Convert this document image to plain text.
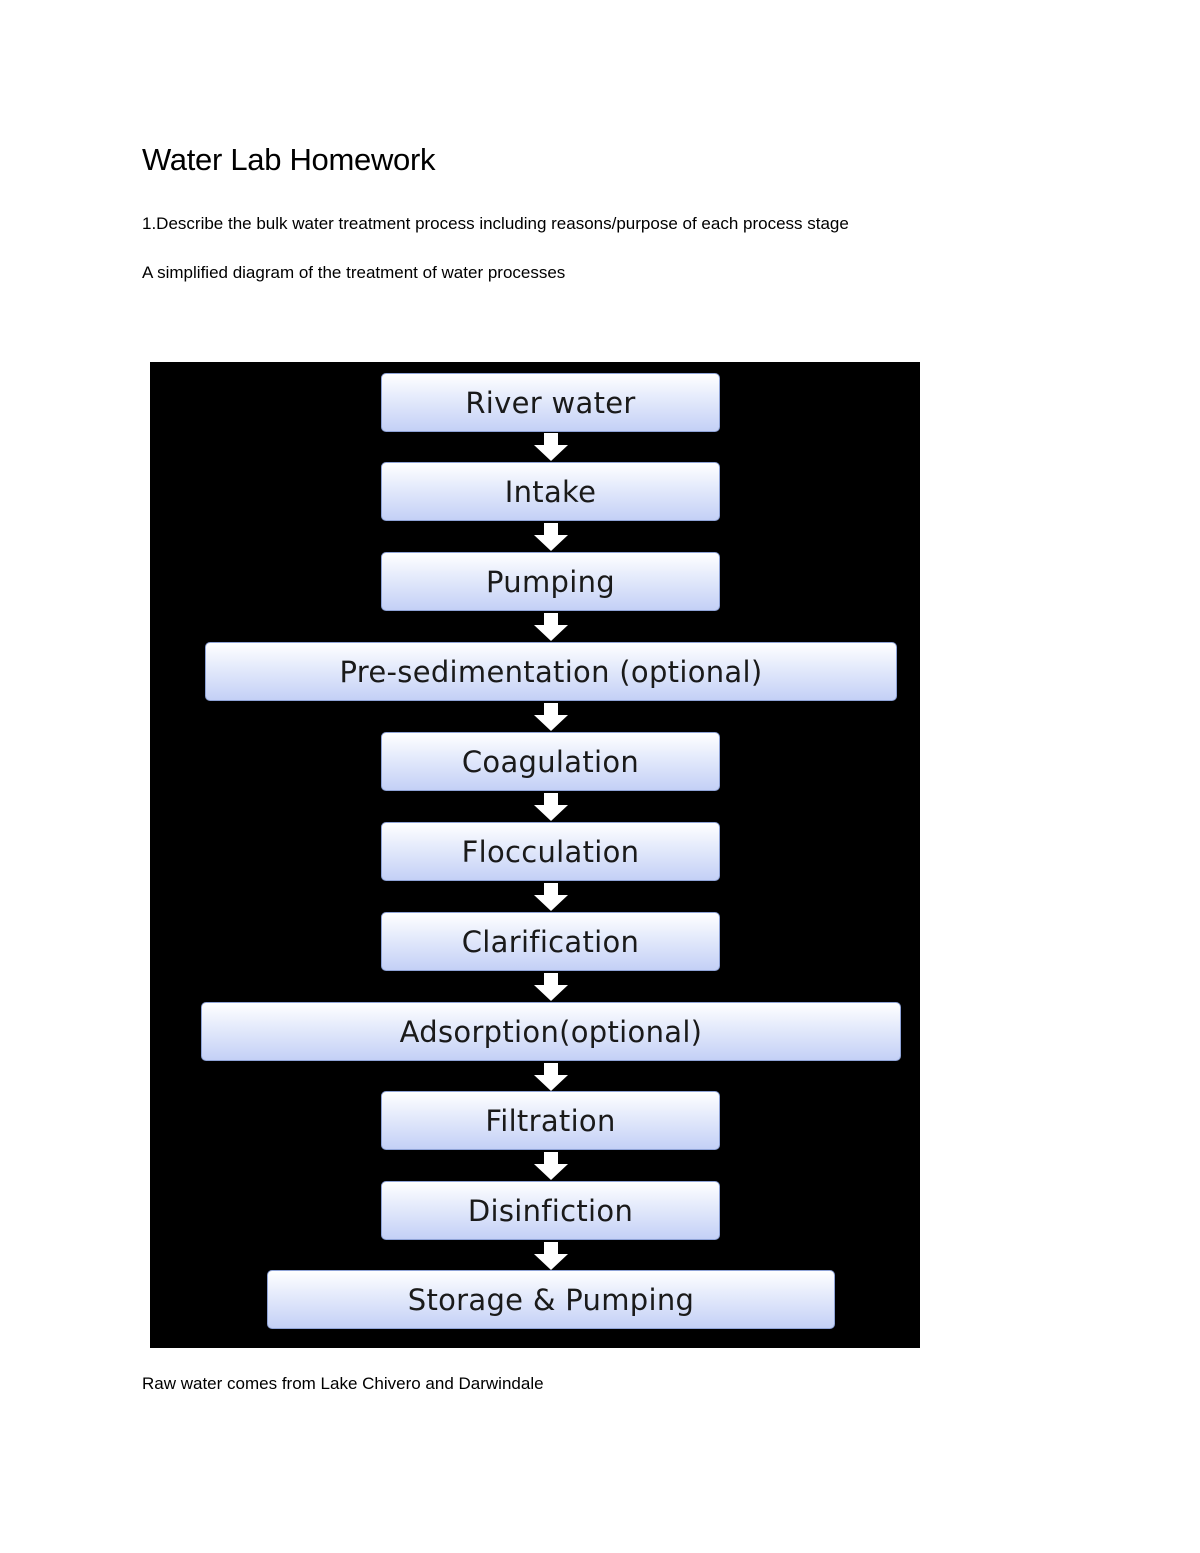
Water Lab Homework

1.Describe the bulk water treatment process including reasons/purpose of each process stage

A simplified diagram of the treatment of water processes

River water
Intake
Pumping
Pre-sedimentation (optional)
Coagulation
Flocculation
Clarification
Adsorption(optional)
Filtration
Disinfiction
Storage & Pumping

Raw water comes from Lake Chivero and Darwindale
